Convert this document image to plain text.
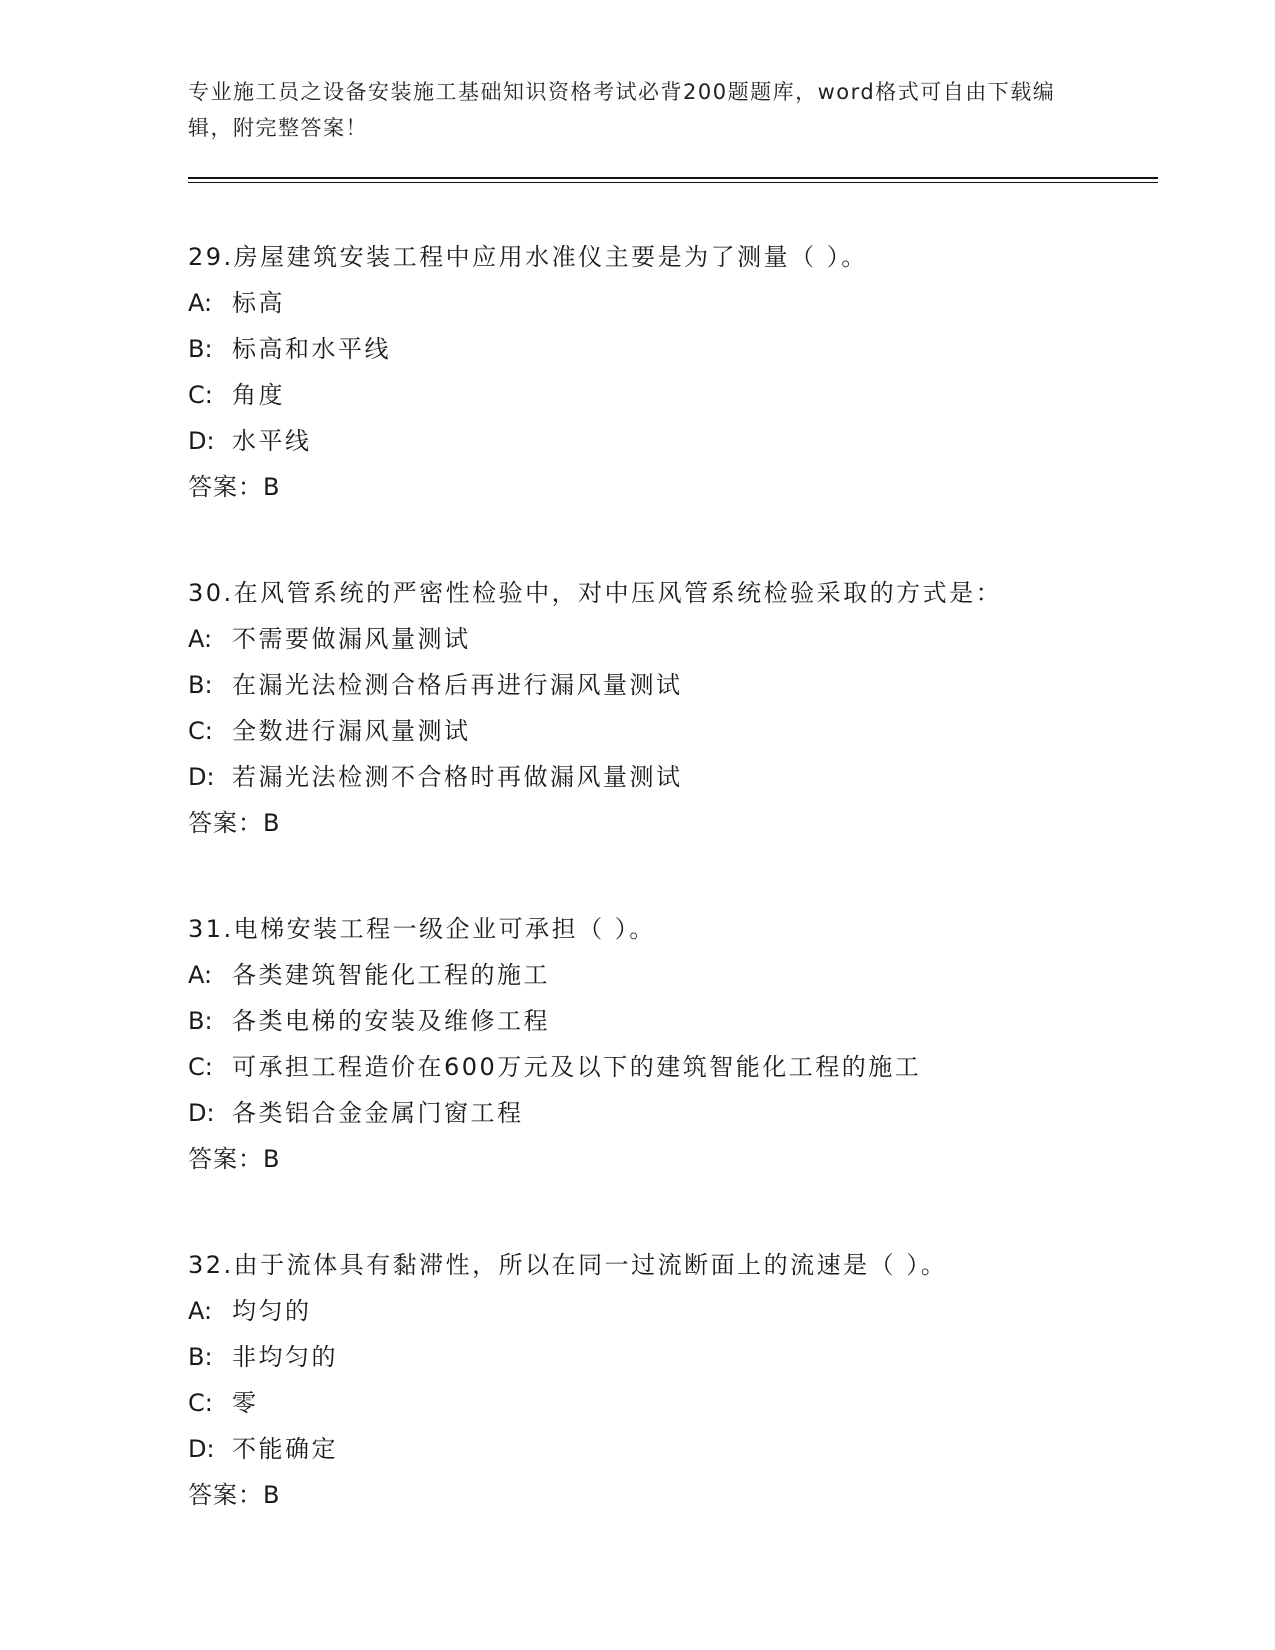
专业施工员之设备安装施工基础知识资格考试必背200题题库，word格式可自由下载编辑，附完整答案！
29.房屋建筑安装工程中应用水准仪主要是为了测量（ ）。
A: 标高
B: 标高和水平线
C: 角度
D: 水平线
答案：B
30.在风管系统的严密性检验中，对中压风管系统检验采取的方式是：
A: 不需要做漏风量测试
B: 在漏光法检测合格后再进行漏风量测试
C: 全数进行漏风量测试
D: 若漏光法检测不合格时再做漏风量测试
答案：B
31.电梯安装工程一级企业可承担（ ）。
A: 各类建筑智能化工程的施工
B: 各类电梯的安装及维修工程
C: 可承担工程造价在600万元及以下的建筑智能化工程的施工
D: 各类铝合金金属门窗工程
答案：B
32.由于流体具有黏滞性，所以在同一过流断面上的流速是（ ）。
A: 均匀的
B: 非均匀的
C: 零
D: 不能确定
答案：B
